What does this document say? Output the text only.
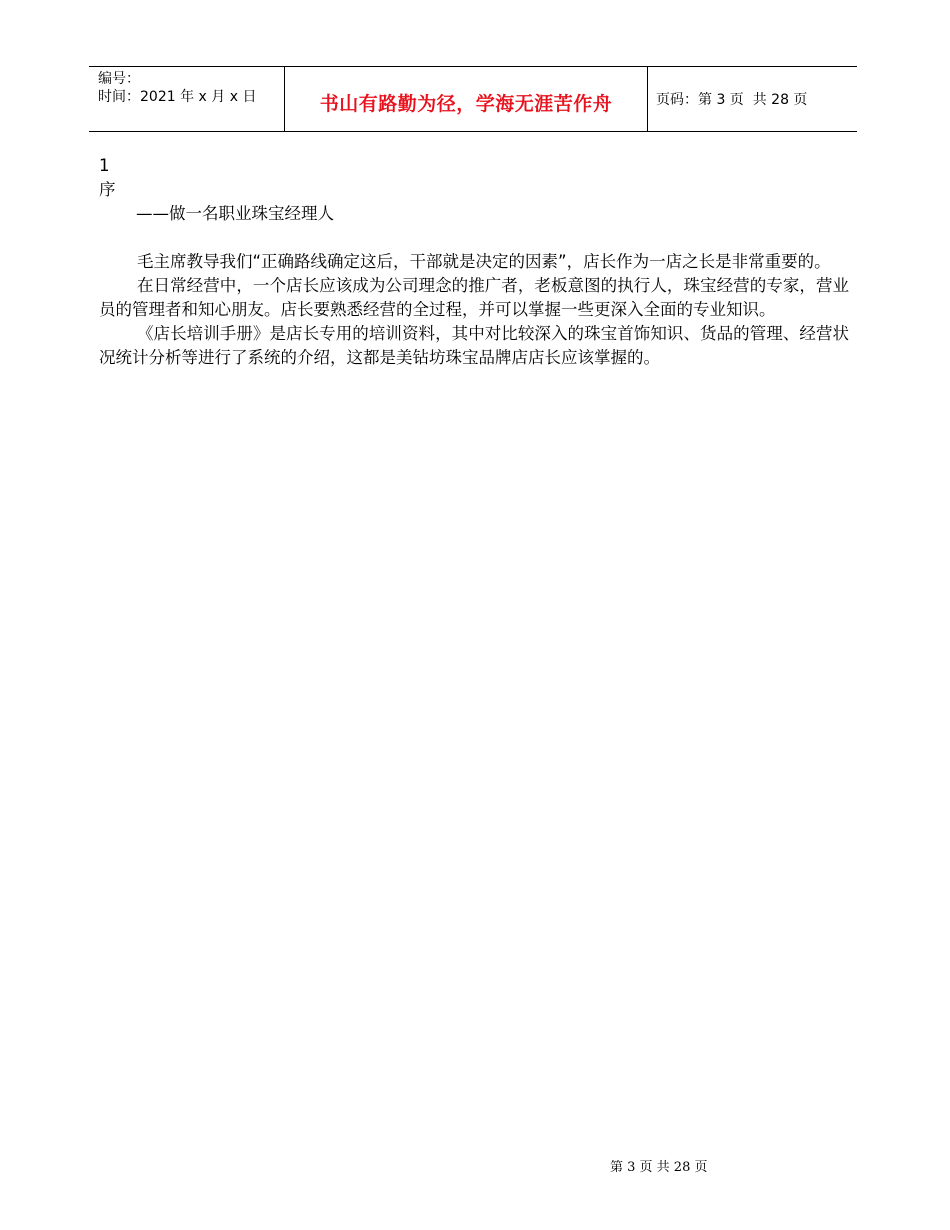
编号：
时间：2021 年 x 月 x 日	书山有路勤为径，学海无涯苦作舟	页码：第 3 页  共 28 页
1
序
——做一名职业珠宝经理人

毛主席教导我们“正确路线确定这后，干部就是决定的因素”，店长作为一店之长是非常重要的。

在日常经营中，一个店长应该成为公司理念的推广者，老板意图的执行人，珠宝经营的专家，营业员的管理者和知心朋友。店长要熟悉经营的全过程，并可以掌握一些更深入全面的专业知识。

《店长培训手册》是店长专用的培训资料，其中对比较深入的珠宝首饰知识、货品的管理、经营状况统计分析等进行了系统的介绍，这都是美钻坊珠宝品牌店店长应该掌握的。

第 3 页 共 28 页
